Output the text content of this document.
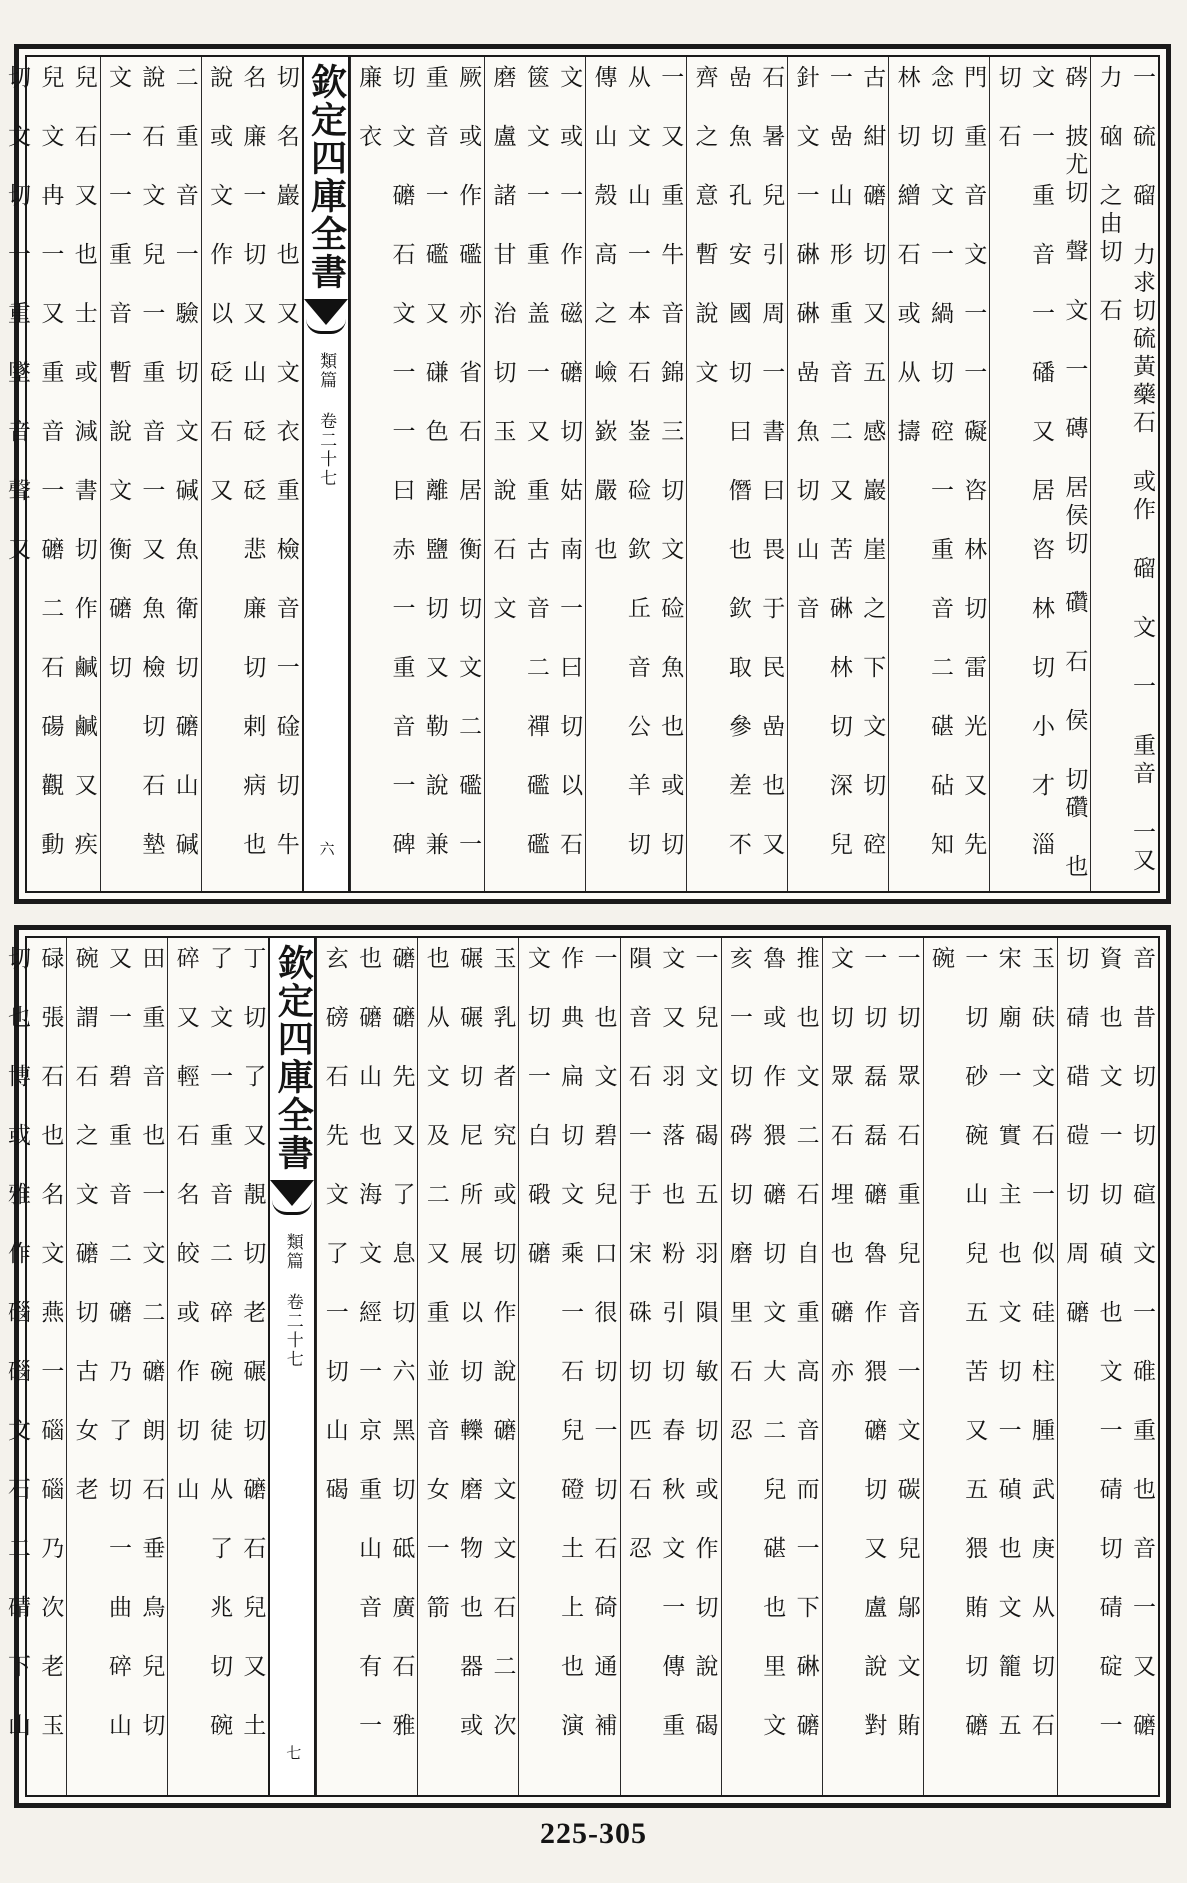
一 硫 磂 力求切硫黃藥石 或作 磂 文 一 重音 一又 力 硇 之由切 石
硶 披尤切 聲 文 一 磚 居侯切 礸 石 侯 切礸 也 文 一 重 音 一 磻 又 居 咨 林 切 小 才 淄 切 石
門 重 音 文 一 一 礙 咨 林 切 雷 光 又 先 念 切 文 一 緺 切 硿 一 重 音 二 碪 砧 知 林 切 繒 石 或 从 擣
古 紺 礳 切 又 五 感 巖 崖 之 下 文 切 硿 一 嵒 山 形 重 音 二 又 苦 碄 林 切 深 兒 針 文 一 碄 碄 嵒 魚 切 山 音
石 暑 兒 引 周 一 書 曰 畏 于 民 嵒 也 又 嵒 魚 孔 安 國 切 曰 僭 也 欽 取 參 差 不 齊 之 意 暫 說 文
一 又 重 牛 音 錦 三 切 文 硷 魚 也 或 切 从 文 山 一 本 石 崟 硷 欽 丘 音 公 羊 切 傳 山 殼 高 之 嶮 嶔 嚴 也
文 或 一 作 磁 礳 切 姑 南 一 曰 切 以 石 篋 文 一 重 盖 一 又 重 古 音 二 禪 礛 礛 磨 盧 諸 甘 治 切 玉 說 石 文
厥 或 作 礛 亦 省 石 居 衡 切 文 二 礛 一 重 音 一 礛 又 磏 色 離 鹽 切 又 勒 說 兼 切 文 礳 石 文 一 一 曰 赤 一 重 音 一 碑 廉 衣
欽定四庫全書
類篇 卷二十七
六
切 名 巖 也 又 文 衣 重 檢 音 一 碒 切 牛 名 廉 一 切 又 山 砭 砭 悲 廉 切 剌 病 也 說 或 文 作 以 砭 石 又
二 重 音 一 驗 切 文 碱 魚 衛 切 礳 山 碱 說 石 文 兒 一 重 音 一 又 魚 檢 切 石 墊 文 一 一 重 音 暫 說 文 衡 礳 切
兒 石 又 也 士 或 減 書 切 作 鹹 鹹 又 疾 兒 文 冉 一 又 重 音 一 礳 二 石 碭 觀 動 切 文 切 一 重 墜 音 聲 又
音 昔 切 切 碹 文 一 碓 重 也 音 一 又 礳 資 也 文 一 切 碵 也 文 一 碃 切 碃 碇 一 切 碃 碏 磑 切 周 礳
玉 砆 文 石 一 似 硅 柱 腫 武 庚 从 切 石 宋 廟 一 實 主 也 文 切 一 碵 也 文 籠 五 一 切 砂 碗 山 兒 五 苦 又 五 猥 賄 切 礳 碗
一 切 眾 石 重 兒 音 一 文 碳 兒 鄔 文 賄 一 切 磊 磊 礳 魯 作 猥 礳 切 又 盧 說 對 文 切 眾 石 埋 也 礳 亦
推 也 文 二 石 自 重 高 音 而 一 下 碄 礳 魯 或 作 猥 礳 切 文 大 二 兒 碪 也 里 文 亥 一 切 硶 切 磨 里 石 忍
一 兒 文 碣 五 羽 隕 敏 切 或 作 切 說 碣 文 又 羽 落 也 粉 引 切 春 秋 文 一 傳 重 隕 音 石 一 于 宋 硃 切 匹 石 忍
一 也 文 碧 兒 口 很 切 一 切 石 碕 通 補 作 典 扁 切 文 乘 一 石 兒 磴 土 上 也 演 文 切 一 白 碫 礳
玉 乳 者 究 或 切 作 說 礳 文 文 石 二 次 碾 碾 切 尼 所 展 以 切 轢 磨 物 也 器 或 也 从 文 及 二 又 重 並 音 女 一 箭
礳 礳 先 又 了 息 切 六 黑 切 砥 廣 石 雅 也 礳 山 也 海 文 經 一 京 重 山 音 有 一 玄 磅 石 先 文 了 一 切 山 碣
欽定四庫全書
類篇 卷二十七
七
丁 切 了 又 靚 切 老 碾 切 礳 石 兒 又 土 了 文 一 重 音 二 碎 碗 徒 从 了 兆 切 碗 碎 又 輕 石 名 皎 或 作 切 山
田 重 音 也 一 文 二 礳 朗 石 垂 鳥 兒 切 又 一 碧 重 音 二 礳 乃 了 切 一 曲 碎 山 碗 謂 石 之 文 礳 切 古 女 老
碌 張 石 也 名 文 燕 一 碯 碯 乃 次 老 玉 切 也 博 或 雅 作 碯 碯 文 石 二 碃 下 山
225-305
